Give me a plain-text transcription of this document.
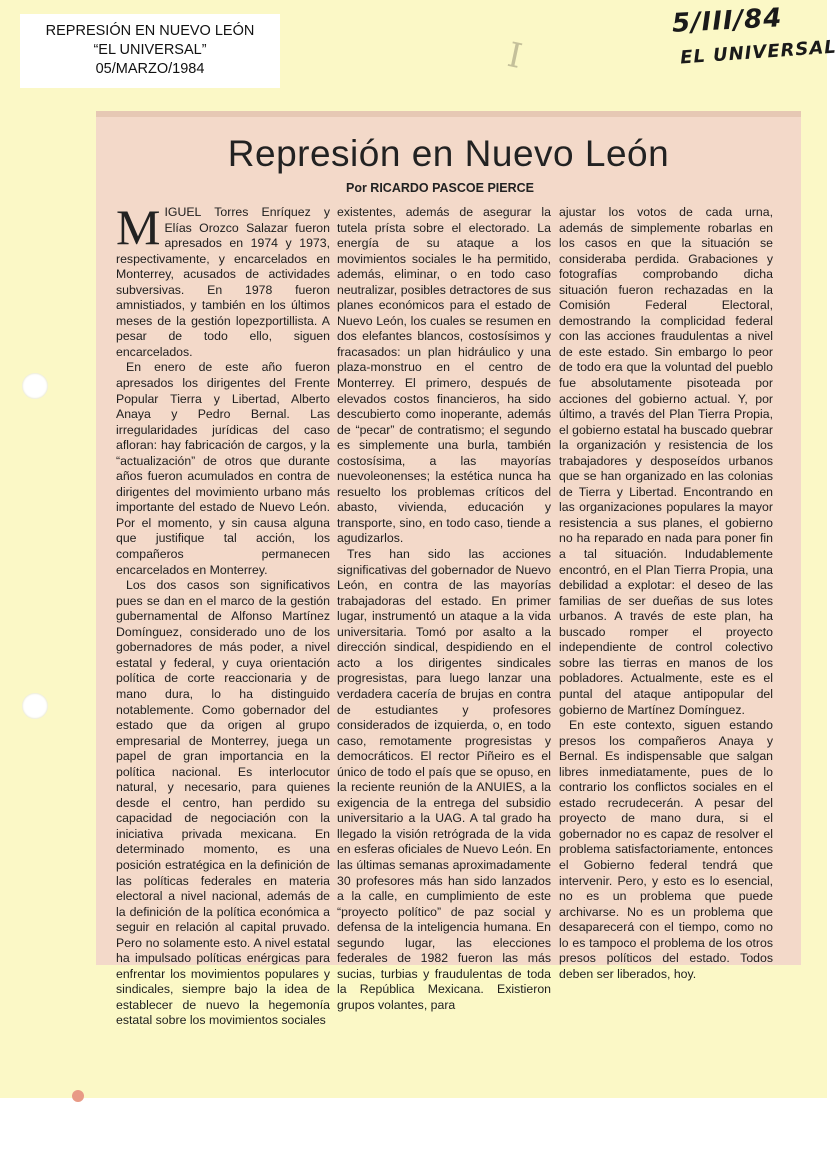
REPRESIÓN EN NUEVO LEÓN
“EL UNIVERSAL”
05/MARZO/1984	I
5/III/84
EL UNIVERSAL
Represión en Nuevo León
Por RICARDO PASCOE PIERCE

MIGUEL Torres Enríquez y Elías Orozco Salazar fueron apresados en 1974 y 1973, respectivamente, y encarcelados en Monterrey, acusados de actividades subversivas. En 1978 fueron amnistiados, y también en los últimos meses de la gestión lopezportillista. A pesar de todo ello, siguen encarcelados.

En enero de este año fueron apresados los dirigentes del Frente Popular Tierra y Libertad, Alberto Anaya y Pedro Bernal. Las irregularidades jurídicas del caso afloran: hay fabricación de cargos, y la “actualización” de otros que durante años fueron acumulados en contra de dirigentes del movimiento urbano más importante del estado de Nuevo León. Por el momento, y sin causa alguna que justifique tal acción, los compañeros permanecen encarcelados en Monterrey.

Los dos casos son significativos pues se dan en el marco de la gestión gubernamental de Alfonso Martínez Domínguez, considerado uno de los gobernadores de más poder, a nivel estatal y federal, y cuya orientación política de corte reaccionaria y de mano dura, lo ha distinguido notablemente. Como gobernador del estado que da origen al grupo empresarial de Monterrey, juega un papel de gran importancia en la política nacional. Es interlocutor natural, y necesario, para quienes desde el centro, han perdido su capacidad de negociación con la iniciativa privada mexicana. En determinado momento, es una posición estratégica en la definición de las políticas federales en materia electoral a nivel nacional, además de la definición de la política económica a seguir en relación al capital pruvado. Pero no solamente esto. A nivel estatal ha impulsado políticas enérgicas para enfrentar los movimientos populares y sindicales, siempre bajo la idea de establecer de nuevo la hegemonía estatal sobre los movimientos sociales

existentes, además de asegurar la tutela prísta sobre el electorado. La energía de su ataque a los movimientos sociales le ha permitido, además, eliminar, o en todo caso neutralizar, posibles detractores de sus planes económicos para el estado de Nuevo León, los cuales se resumen en dos elefantes blancos, costosísimos y fracasados: un plan hidráulico y una plaza-monstruo en el centro de Monterrey. El primero, después de elevados costos financieros, ha sido descubierto como inoperante, además de “pecar” de contratismo; el segundo es simplemente una burla, también costosísima, a las mayorías nuevoleonenses; la estética nunca ha resuelto los problemas críticos del abasto, vivienda, educación y transporte, sino, en todo caso, tiende a agudizarlos.

Tres han sido las acciones significativas del gobernador de Nuevo León, en contra de las mayorías trabajadoras del estado. En primer lugar, instrumentó un ataque a la vida universitaria. Tomó por asalto a la dirección sindical, despidiendo en el acto a los dirigentes sindicales progresistas, para luego lanzar una verdadera cacería de brujas en contra de estudiantes y profesores considerados de izquierda, o, en todo caso, remotamente progresistas y democráticos. El rector Piñeiro es el único de todo el país que se opuso, en la reciente reunión de la ANUIES, a la exigencia de la entrega del subsidio universitario a la UAG. A tal grado ha llegado la visión retrógrada de la vida en esferas oficiales de Nuevo León. En las últimas semanas aproximadamente 30 profesores más han sido lanzados a la calle, en cumplimiento de este “proyecto político” de paz social y defensa de la inteligencia humana. En segundo lugar, las elecciones federales de 1982 fueron las más sucias, turbias y fraudulentas de toda la República Mexicana. Existieron grupos volantes, para

ajustar los votos de cada urna, además de simplemente robarlas en los casos en que la situación se consideraba perdida. Grabaciones y fotografías comprobando dicha situación fueron rechazadas en la Comisión Federal Electoral, demostrando la complicidad federal con las acciones fraudulentas a nivel de este estado. Sin embargo lo peor de todo era que la voluntad del pueblo fue absolutamente pisoteada por acciones del gobierno actual. Y, por último, a través del Plan Tierra Propia, el gobierno estatal ha buscado quebrar la organización y resistencia de los trabajadores y desposeídos urbanos que se han organizado en las colonias de Tierra y Libertad. Encontrando en las organizaciones populares la mayor resistencia a sus planes, el gobierno no ha reparado en nada para poner fin a tal situación. Indudablemente encontró, en el Plan Tierra Propia, una debilidad a explotar: el deseo de las familias de ser dueñas de sus lotes urbanos. A través de este plan, ha buscado romper el proyecto independiente de control colectivo sobre las tierras en manos de los pobladores. Actualmente, este es el puntal del ataque antipopular del gobierno de Martínez Domínguez.

En este contexto, siguen estando presos los compañeros Anaya y Bernal. Es indispensable que salgan libres inmediatamente, pues de lo contrario los conflictos sociales en el estado recrudecerán. A pesar del proyecto de mano dura, si el gobernador no es capaz de resolver el problema satisfactoriamente, entonces el Gobierno federal tendrá que intervenir. Pero, y esto es lo esencial, no es un problema que puede archivarse. No es un problema que desaparecerá con el tiempo, como no lo es tampoco el problema de los otros presos políticos del estado. Todos deben ser liberados, hoy.
